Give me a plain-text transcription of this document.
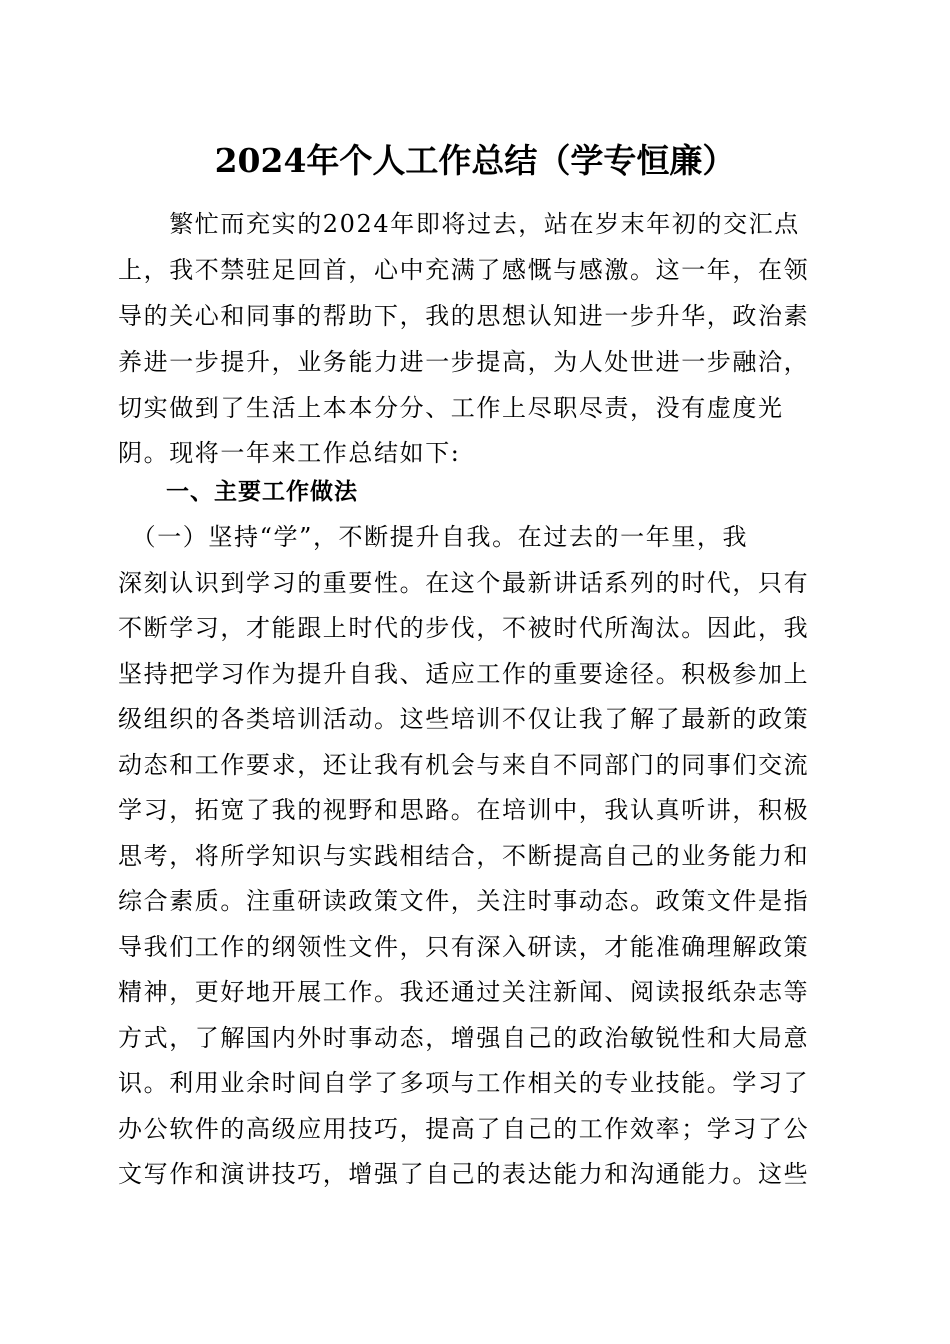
2024年个人工作总结（学专恒廉）
　　繁忙而充实的2024年即将过去，站在岁末年初的交汇点
上，我不禁驻足回首，心中充满了感慨与感激。这一年，在领
导的关心和同事的帮助下，我的思想认知进一步升华，政治素
养进一步提升，业务能力进一步提高，为人处世进一步融洽，
切实做到了生活上本本分分、工作上尽职尽责，没有虚度光
阴。现将一年来工作总结如下:
　　一、主要工作做法
　（一）坚持“学”，不断提升自我。在过去的一年里，我
深刻认识到学习的重要性。在这个最新讲话系列的时代，只有
不断学习，才能跟上时代的步伐，不被时代所淘汰。因此，我
坚持把学习作为提升自我、适应工作的重要途径。积极参加上
级组织的各类培训活动。这些培训不仅让我了解了最新的政策
动态和工作要求，还让我有机会与来自不同部门的同事们交流
学习，拓宽了我的视野和思路。在培训中，我认真听讲，积极
思考，将所学知识与实践相结合，不断提高自己的业务能力和
综合素质。注重研读政策文件，关注时事动态。政策文件是指
导我们工作的纲领性文件，只有深入研读，才能准确理解政策
精神，更好地开展工作。我还通过关注新闻、阅读报纸杂志等
方式，了解国内外时事动态，增强自己的政治敏锐性和大局意
识。利用业余时间自学了多项与工作相关的专业技能。学习了
办公软件的高级应用技巧，提高了自己的工作效率；学习了公
文写作和演讲技巧，增强了自己的表达能力和沟通能力。这些
